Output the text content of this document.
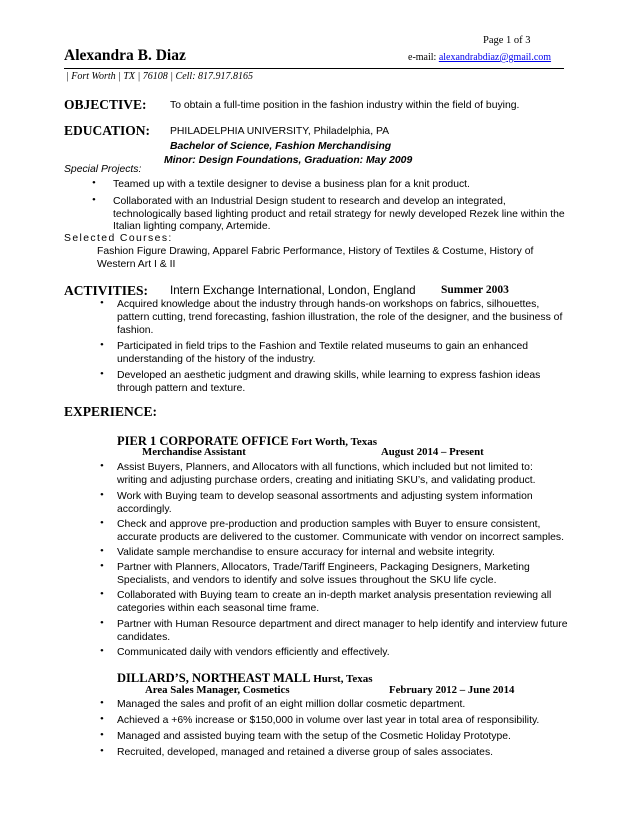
Page 1 of 3
Alexandra B. Diaz	e-mail: alexandrabdiaz@gmail.com
| Fort Worth | TX | 76108 | Cell: 817.917.8165
OBJECTIVE: To obtain a full-time position in the fashion industry within the field of buying.
EDUCATION: PHILADELPHIA UNIVERSITY, Philadelphia, PA
Bachelor of Science, Fashion Merchandising
Minor: Design Foundations, Graduation: May 2009
Special Projects:
• Teamed up with a textile designer to devise a business plan for a knit product.
• Collaborated with an Industrial Design student to research and develop an integrated,
technologically based lighting product and retail strategy for newly developed Rezek line within the
Italian lighting company, Artemide.
Selected Courses:
Fashion Figure Drawing, Apparel Fabric Performance, History of Textiles & Costume, History of
Western Art I & II
ACTIVITIES: Intern Exchange International, London, England Summer 2003
• Acquired knowledge about the industry through hands-on workshops on fabrics, silhouettes,
pattern cutting, trend forecasting, fashion illustration, the role of the designer, and the business of
fashion.
• Participated in field trips to the Fashion and Textile related museums to gain an enhanced
understanding of the history of the industry.
• Developed an aesthetic judgment and drawing skills, while learning to express fashion ideas
through pattern and texture.
EXPERIENCE:
PIER 1 CORPORATE OFFICE Fort Worth, Texas
Merchandise Assistant	August 2014 – Present
• Assist Buyers, Planners, and Allocators with all functions, which included but not limited to:
writing and adjusting purchase orders, creating and initiating SKU’s, and validating product.
• Work with Buying team to develop seasonal assortments and adjusting system information
accordingly.
• Check and approve pre-production and production samples with Buyer to ensure consistent,
accurate products are delivered to the customer. Communicate with vendor on incorrect samples.
• Validate sample merchandise to ensure accuracy for internal and website integrity.
• Partner with Planners, Allocators, Trade/Tariff Engineers, Packaging Designers, Marketing
Specialists, and vendors to identify and solve issues throughout the SKU life cycle.
• Collaborated with Buying team to create an in-depth market analysis presentation reviewing all
categories within each seasonal time frame.
• Partner with Human Resource department and direct manager to help identify and interview future
candidates.
• Communicated daily with vendors efficiently and effectively.
DILLARD’S, NORTHEAST MALL Hurst, Texas
Area Sales Manager, Cosmetics	February 2012 – June 2014
• Managed the sales and profit of an eight million dollar cosmetic department.
• Achieved a +6% increase or $150,000 in volume over last year in total area of responsibility.
• Managed and assisted buying team with the setup of the Cosmetic Holiday Prototype.
• Recruited, developed, managed and retained a diverse group of sales associates.
